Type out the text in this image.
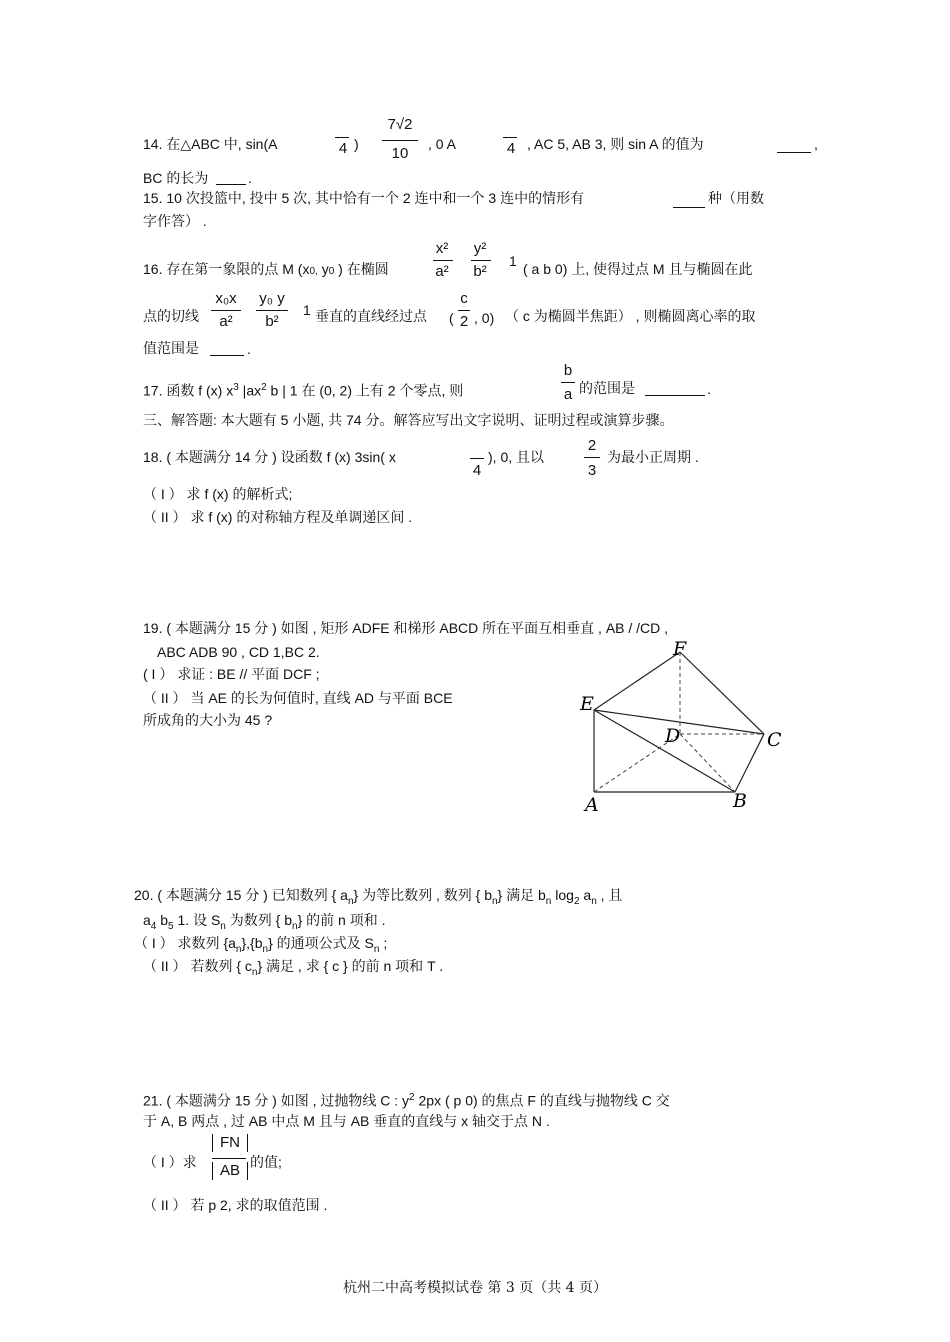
14. 在△ABC 中, sin(A	4 )
7√2
10
, 0 A	4 , AC 5, AB 3, 则 sin A 的值为	,
BC 的长为	.
15. 10 次投篮中, 投中 5 次, 其中恰有一个 2 连中和一个 3 连中的情形有	种（用数
字作答） .
16. 存在第一象限的点 M (x0, y0 ) 在椭圆
x²
a²
y²
b²
1 ( a b 0) 上, 使得过点 M 且与椭圆在此
点的切线
x₀x
a²
y₀ y
b²
1 垂直的直线经过点 (
c
2 , 0) （ c 为椭圆半焦距） , 则椭圆离心率的取
值范围是	.
17. 函数 f (x) $x^3$ $|ax^2$ b | 1 在 (0, 2) 上有 2 个零点, 则
b
a 的范围是	.
三、解答题: 本大题有 5 小题, 共 74 分。解答应写出文字说明、证明过程或演算步骤。
18. ( 本题满分 14 分 ) 设函数 f (x) 3sin( x
4
), 0, 且以
2
3
为最小正周期 .
（ I ） 求 f (x) 的解析式;
（ II ） 求 f (x) 的对称轴方程及单调递区间 .
19. ( 本题满分 15 分 ) 如图 , 矩形 ADFE 和梯形 ABCD 所在平面互相垂直 , AB / /CD ,
ABC ADB 90 , CD 1,BC 2.
( I ） 求证 : BE // 平面 DCF ;
（ II ） 当 AE 的长为何值时, 直线 AD 与平面 BCE
所成角的大小为 45 ?
F
E
D	C
A	B
20. ( 本题满分 15 分 ) 已知数列 { $a_n$} 为等比数列 , 数列 { $b_n$} 满足 $b_n$ $\log_2 a_n$ , 且
$a_4$ $b_5$ 1. 设 $S_n$ 为数列 { $b_n$} 的前 n 项和 .
（ I ） 求数列 $\{a_n\},\{b_n\}$ 的通项公式及 $S_n$ ;
（ II ） 若数列 { $c_n$} 满足 , 求 { c } 的前 n 项和 T .
21. ( 本题满分 15 分 ) 如图 , 过抛物线 C : $y^2$ 2px ( p 0) 的焦点 F 的直线与抛物线 C 交
于 A, B 两点 , 过 AB 中点 M 且与 AB 垂直的直线与 x 轴交于点 N .
（ I ）求
FN
AB 的值;
（ II ） 若 p 2, 求的取值范围 .
杭州二中高考模拟试卷 第 3 页（共 4 页）
